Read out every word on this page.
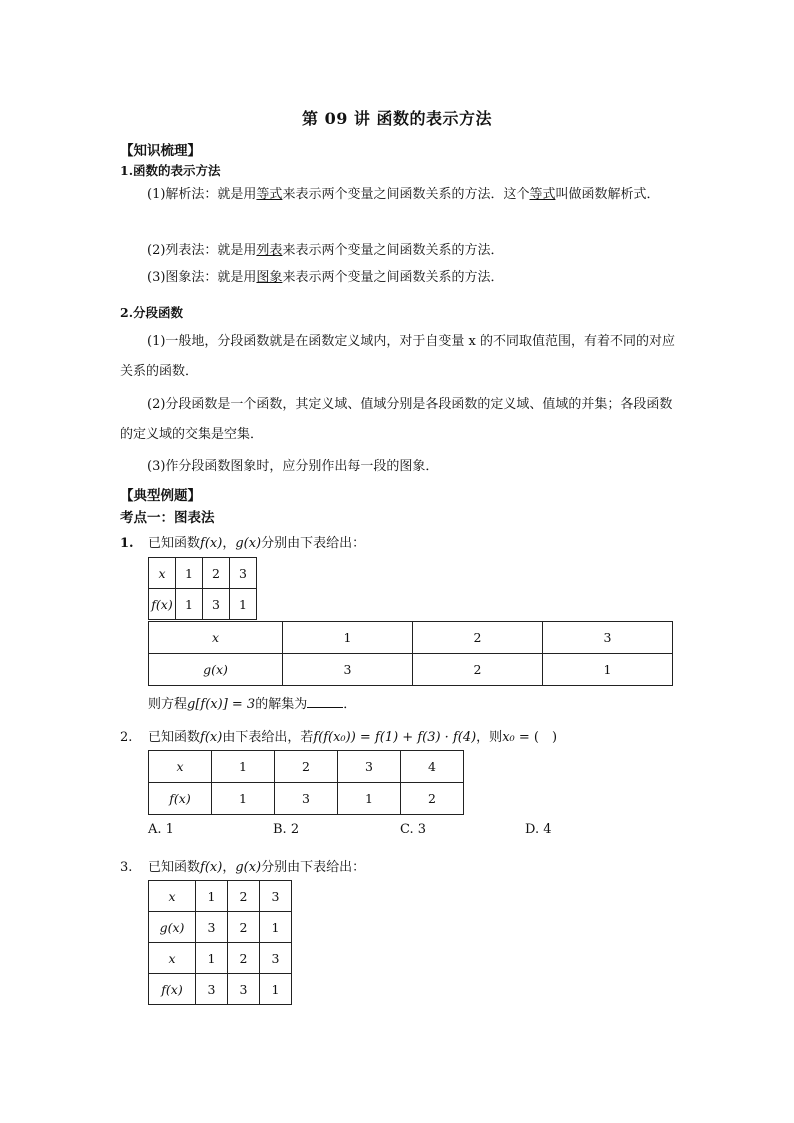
第 09 讲 函数的表示方法
【知识梳理】
1.函数的表示方法
(1)解析法：就是用等式来表示两个变量之间函数关系的方法．这个等式叫做函数解析式．
(2)列表法：就是用列表来表示两个变量之间函数关系的方法．
(3)图象法：就是用图象来表示两个变量之间函数关系的方法．
2.分段函数
(1)一般地，分段函数就是在函数定义域内，对于自变量 x 的不同取值范围，有着不同的对应关系的函数．
(2)分段函数是一个函数，其定义域、值域分别是各段函数的定义域、值域的并集；各段函数的定义域的交集是空集．
(3)作分段函数图象时，应分别作出每一段的图象．
【典型例题】
考点一：图表法
1. 已知函数f(x)，g(x)分别由下表给出：
x	1	2	3
f(x)	1	3	1
x	1	2	3
g(x)	3	2	1
则方程g[f(x)] = 3的解集为	．
2. 已知函数f(x)由下表给出，若f(f(x₀)) = f(1) + f(3) · f(4)，则x₀ = (　)
x	1	2	3	4
f(x)	1	3	1	2
A. 1	B. 2	C. 3	D. 4
3. 已知函数f(x)，g(x)分别由下表给出：
x	1	2	3
g(x)	3	2	1
x	1	2	3
f(x)	3	3	1
